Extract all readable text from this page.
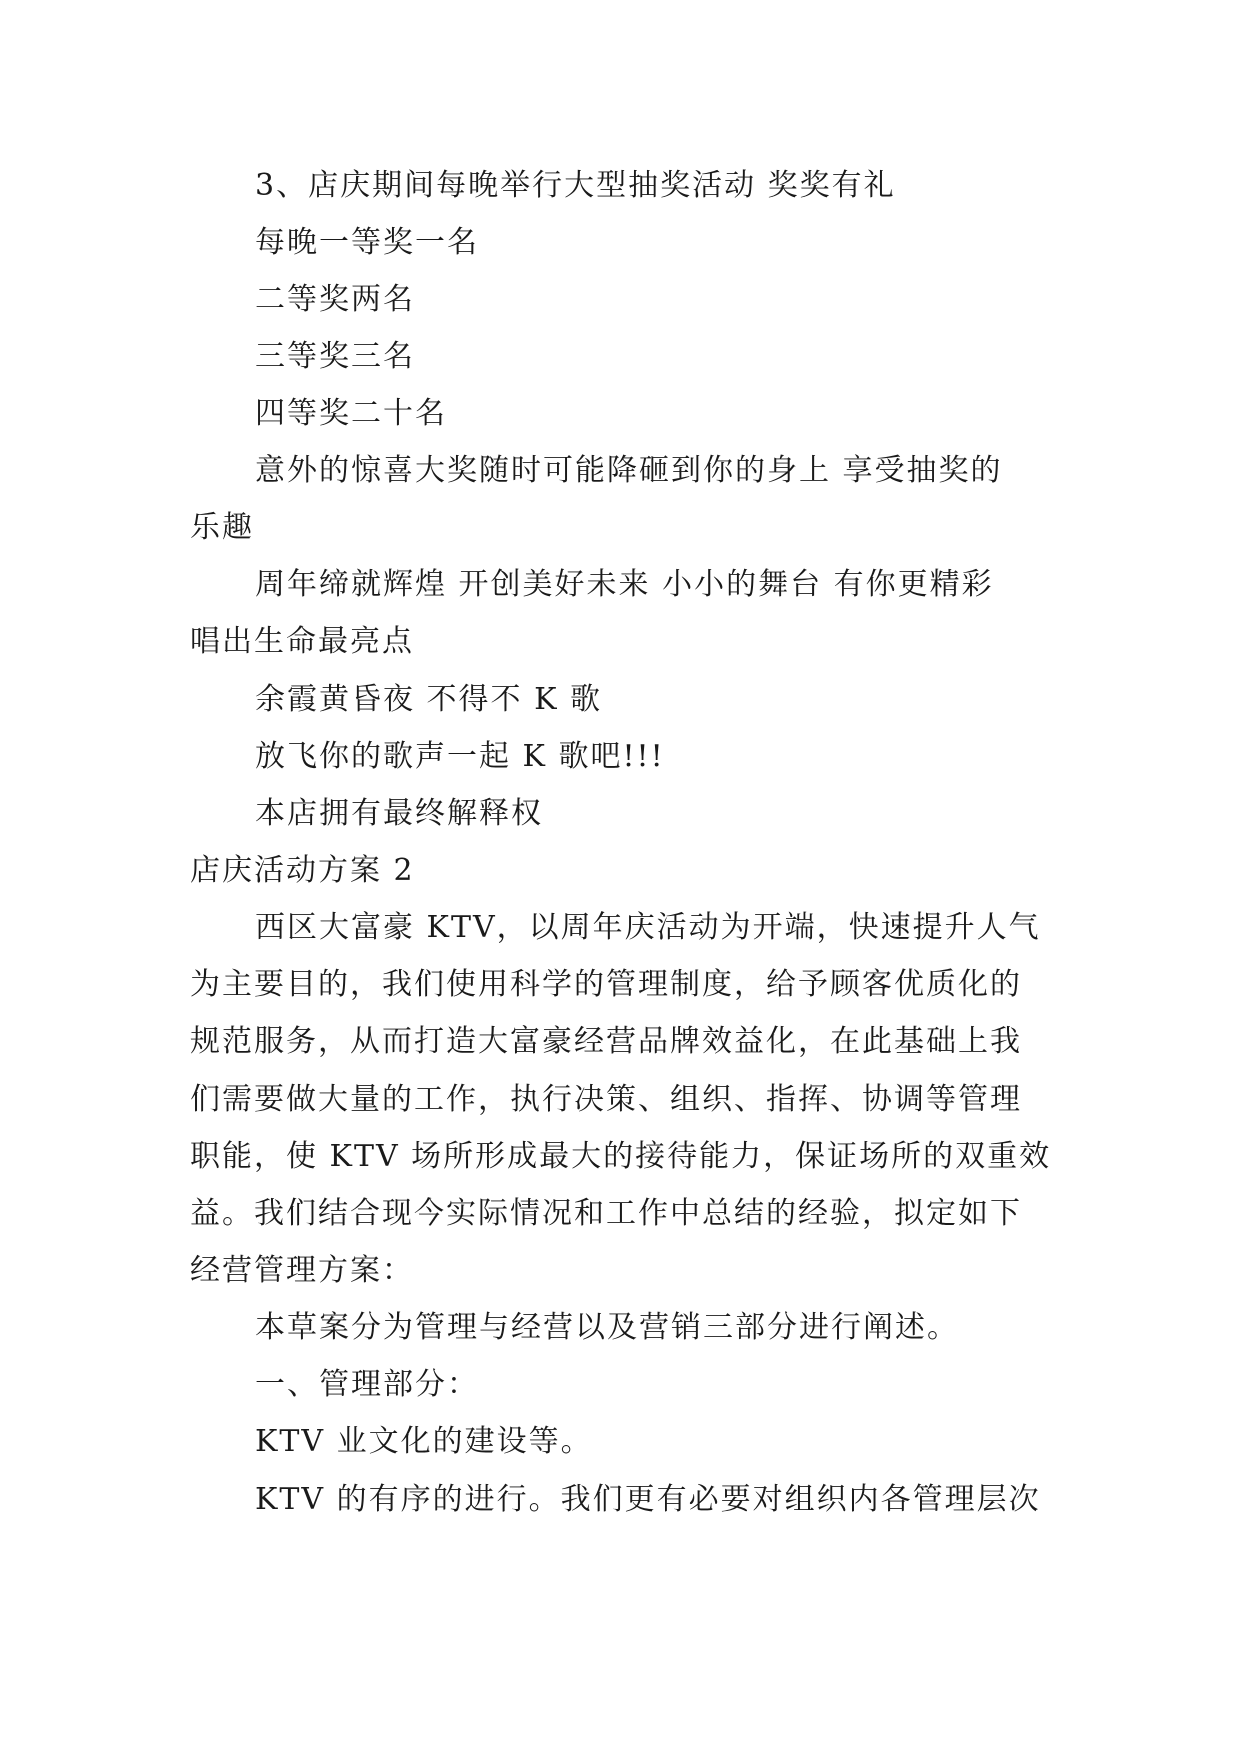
3、店庆期间每晚举行大型抽奖活动 奖奖有礼
每晚一等奖一名
二等奖两名
三等奖三名
四等奖二十名
意外的惊喜大奖随时可能降砸到你的身上 享受抽奖的
乐趣
周年缔就辉煌 开创美好未来 小小的舞台 有你更精彩
唱出生命最亮点
余霞黄昏夜 不得不 K 歌
放飞你的歌声一起 K 歌吧!!!
本店拥有最终解释权
店庆活动方案 2
西区大富豪 KTV，以周年庆活动为开端，快速提升人气
为主要目的，我们使用科学的管理制度，给予顾客优质化的
规范服务，从而打造大富豪经营品牌效益化，在此基础上我
们需要做大量的工作，执行决策、组织、指挥、协调等管理
职能，使 KTV 场所形成最大的接待能力，保证场所的双重效
益。我们结合现今实际情况和工作中总结的经验，拟定如下
经营管理方案：
本草案分为管理与经营以及营销三部分进行阐述。
一、管理部分：
KTV 业文化的建设等。
KTV 的有序的进行。我们更有必要对组织内各管理层次
